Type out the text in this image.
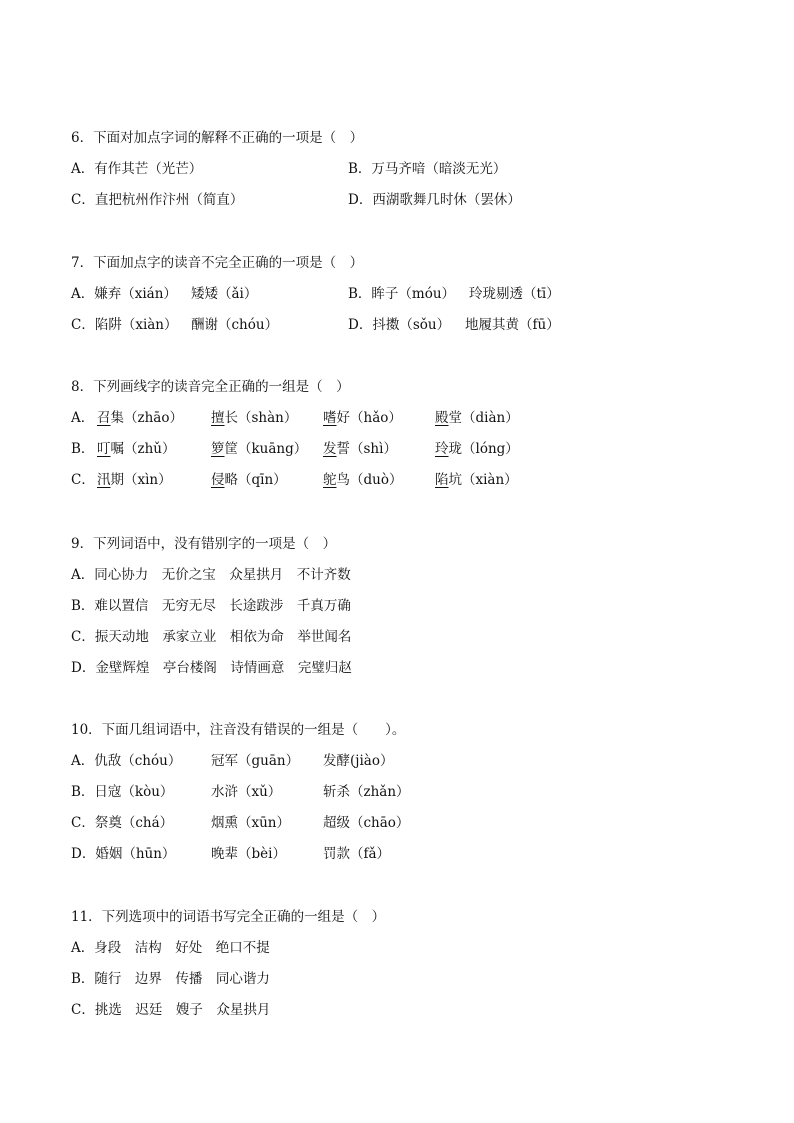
6．下面对加点字词的解释不正确的一项是（　）
A．有作其芒（光芒）	B．万马齐喑（暗淡无光）
C．直把杭州作汴州（简直）	D．西湖歌舞几时休（罢休）
7．下面加点字的读音不完全正确的一项是（　）
A．嫌弃（xián） 矮矮（ǎi）	B．眸子（móu） 玲珑剔透（tī）
C．陷阱（xiàn） 酬谢（chóu）	D．抖擞（sǒu） 地履其黄（fū）
8．下列画线字的读音完全正确的一组是（　）
A． 召集（zhāo） 擅长（shàn） 嗜好（hǎo） 殿堂（diàn）
B． 叮嘱（zhǔ）	箩筐（kuāng） 发誓（shì）	玲珑（lóng）
C． 汛期（xìn）	侵略（qīn）	鸵鸟（duò） 陷坑（xiàn）
9．下列词语中，没有错别字的一项是（　）
A．同心协力　无价之宝　众星拱月　不计齐数
B．难以置信　无穷无尽　长途跋涉　千真万确
C．振天动地　承家立业　相依为命　举世闻名
D．金壁辉煌　亭台楼阁　诗情画意　完璧归赵
10．下面几组词语中，注音没有错误的一组是（　　）。
A．仇敌（chóu） 冠军（guān） 发酵(jiào）
B．日寇（kòu）	水浒（xǔ）	斩杀（zhǎn）
C．祭奠（chá）	烟熏（xūn） 超级（chāo）
D．婚姻（hūn）	晚辈（bèi）	罚款（fǎ）
11．下列选项中的词语书写完全正确的一组是（　）
A．身段　洁构　好处　绝口不提
B．随行　边界　传播　同心谐力
C．挑选　迟廷　嫂子　众星拱月
